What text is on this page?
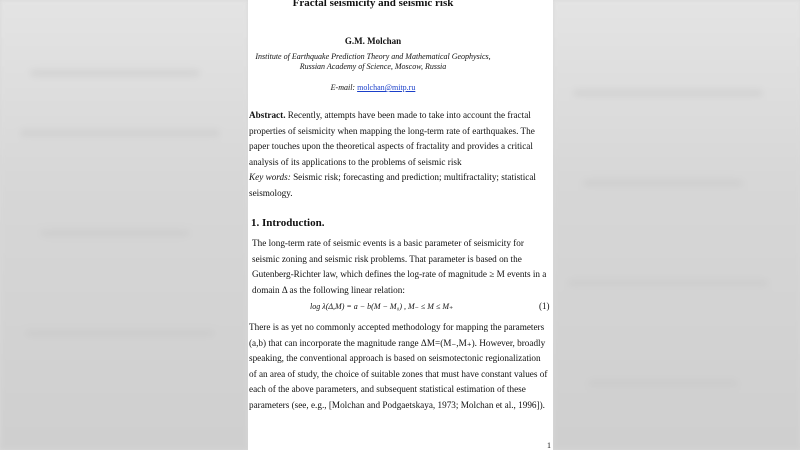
Fractal seismicity and seismic risk
G.M. Molchan
Institute of Earthquake Prediction Theory and Mathematical Geophysics, Russian Academy of Science, Moscow, Russia
E-mail: molchan@mitp.ru
Abstract. Recently, attempts have been made to take into account the fractal properties of seismicity when mapping the long-term rate of earthquakes. The paper touches upon the theoretical aspects of fractality and provides a critical analysis of its applications to the problems of seismic risk
Key words: Seismic risk; forecasting and prediction; multifractality; statistical seismology.
1. Introduction.
The long-term rate of seismic events is a basic parameter of seismicity for seismic zoning and seismic risk problems. That parameter is based on the Gutenberg-Richter law, which defines the log-rate of magnitude ≥ M events in a domain Δ as the following linear relation:
log λ(Δ,M) = a − b(M − M₀) , M₋ ≤ M ≤ M₊	(1)
There is as yet no commonly accepted methodology for mapping the parameters (a,b) that can incorporate the magnitude range ΔM=(M₋,M₊). However, broadly speaking, the conventional approach is based on seismotectonic regionalization of an area of study, the choice of suitable zones that must have constant values of each of the above parameters, and subsequent statistical estimation of these parameters (see, e.g., [Molchan and Podgaetskaya, 1973; Molchan et al., 1996]).
1
